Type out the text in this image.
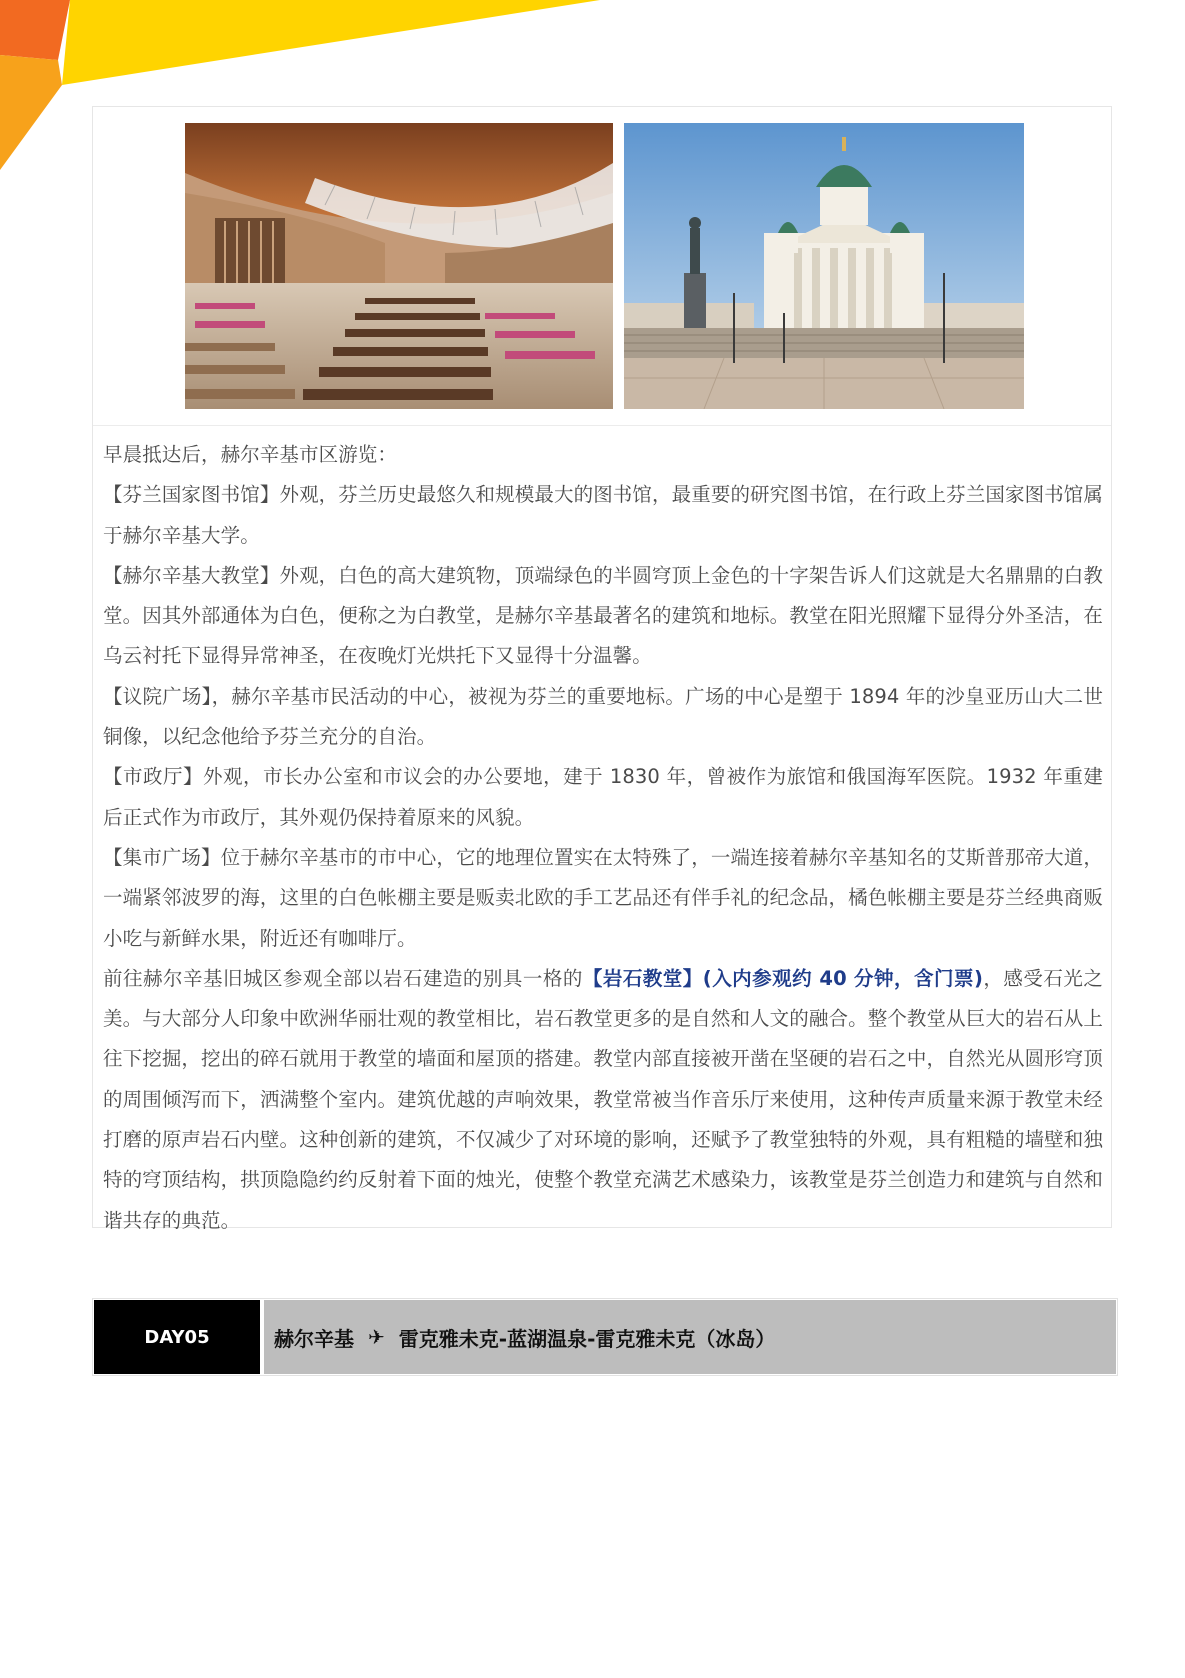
早晨抵达后，赫尔辛基市区游览：

【芬兰国家图书馆】外观，芬兰历史最悠久和规模最大的图书馆，最重要的研究图书馆，在行政上芬兰国家图书馆属于赫尔辛基大学。

【赫尔辛基大教堂】外观，白色的高大建筑物，顶端绿色的半圆穹顶上金色的十字架告诉人们这就是大名鼎鼎的白教堂。因其外部通体为白色，便称之为白教堂，是赫尔辛基最著名的建筑和地标。教堂在阳光照耀下显得分外圣洁，在乌云衬托下显得异常神圣，在夜晚灯光烘托下又显得十分温馨。

【议院广场】，赫尔辛基市民活动的中心，被视为芬兰的重要地标。广场的中心是塑于 1894 年的沙皇亚历山大二世铜像，以纪念他给予芬兰充分的自治。

【市政厅】外观，市长办公室和市议会的办公要地，建于 1830 年，曾被作为旅馆和俄国海军医院。1932 年重建后正式作为市政厅，其外观仍保持着原来的风貌。

【集市广场】位于赫尔辛基市的市中心，它的地理位置实在太特殊了，一端连接着赫尔辛基知名的艾斯普那帝大道，一端紧邻波罗的海，这里的白色帐棚主要是贩卖北欧的手工艺品还有伴手礼的纪念品，橘色帐棚主要是芬兰经典商贩小吃与新鲜水果，附近还有咖啡厅。

前往赫尔辛基旧城区参观全部以岩石建造的别具一格的【岩石教堂】(入内参观约 40 分钟，含门票)，感受石光之美。与大部分人印象中欧洲华丽壮观的教堂相比，岩石教堂更多的是自然和人文的融合。整个教堂从巨大的岩石从上往下挖掘，挖出的碎石就用于教堂的墙面和屋顶的搭建。教堂内部直接被开凿在坚硬的岩石之中，自然光从圆形穹顶的周围倾泻而下，洒满整个室内。建筑优越的声响效果，教堂常被当作音乐厅来使用，这种传声质量来源于教堂未经打磨的原声岩石内壁。这种创新的建筑，不仅减少了对环境的影响，还赋予了教堂独特的外观，具有粗糙的墙壁和独特的穹顶结构，拱顶隐隐约约反射着下面的烛光，使整个教堂充满艺术感染力，该教堂是芬兰创造力和建筑与自然和谐共存的典范。

DAY05	赫尔辛基 ✈ 雷克雅未克-蓝湖温泉-雷克雅未克（冰岛）
